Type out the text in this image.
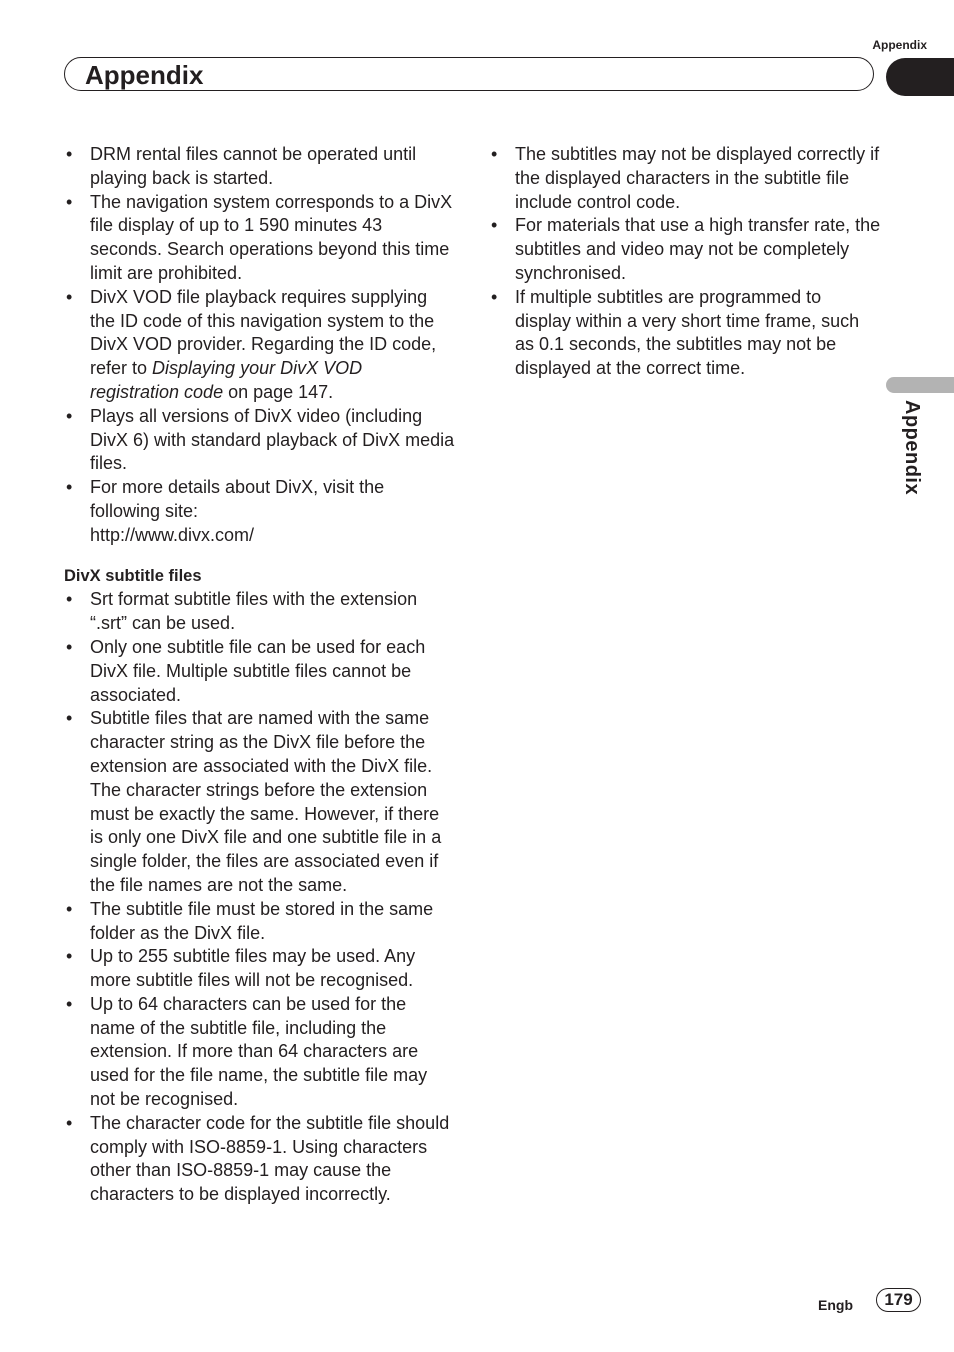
Appendix
Appendix
Appendix
• DRM rental files cannot be operated until playing back is started.
• The navigation system corresponds to a DivX file display of up to 1 590 minutes 43 seconds. Search operations beyond this time limit are prohibited.
• DivX VOD file playback requires supplying the ID code of this navigation system to the DivX VOD provider. Regarding the ID code, refer to Displaying your DivX VOD registration code on page 147.
• Plays all versions of DivX video (including DivX 6) with standard playback of DivX media files.
• For more details about DivX, visit the following site:
http://www.divx.com/
DivX subtitle files
• Srt format subtitle files with the extension “.srt” can be used.
• Only one subtitle file can be used for each DivX file. Multiple subtitle files cannot be associated.
• Subtitle files that are named with the same character string as the DivX file before the extension are associated with the DivX file. The character strings before the extension must be exactly the same. However, if there is only one DivX file and one subtitle file in a single folder, the files are associated even if the file names are not the same.
• The subtitle file must be stored in the same folder as the DivX file.
• Up to 255 subtitle files may be used. Any more subtitle files will not be recognised.
• Up to 64 characters can be used for the name of the subtitle file, including the extension. If more than 64 characters are used for the file name, the subtitle file may not be recognised.
• The character code for the subtitle file should comply with ISO-8859-1. Using characters other than ISO-8859-1 may cause the characters to be displayed incorrectly.
• The subtitles may not be displayed correctly if the displayed characters in the subtitle file include control code.
• For materials that use a high transfer rate, the subtitles and video may not be completely synchronised.
• If multiple subtitles are programmed to display within a very short time frame, such as 0.1 seconds, the subtitles may not be displayed at the correct time.
Engb	179
